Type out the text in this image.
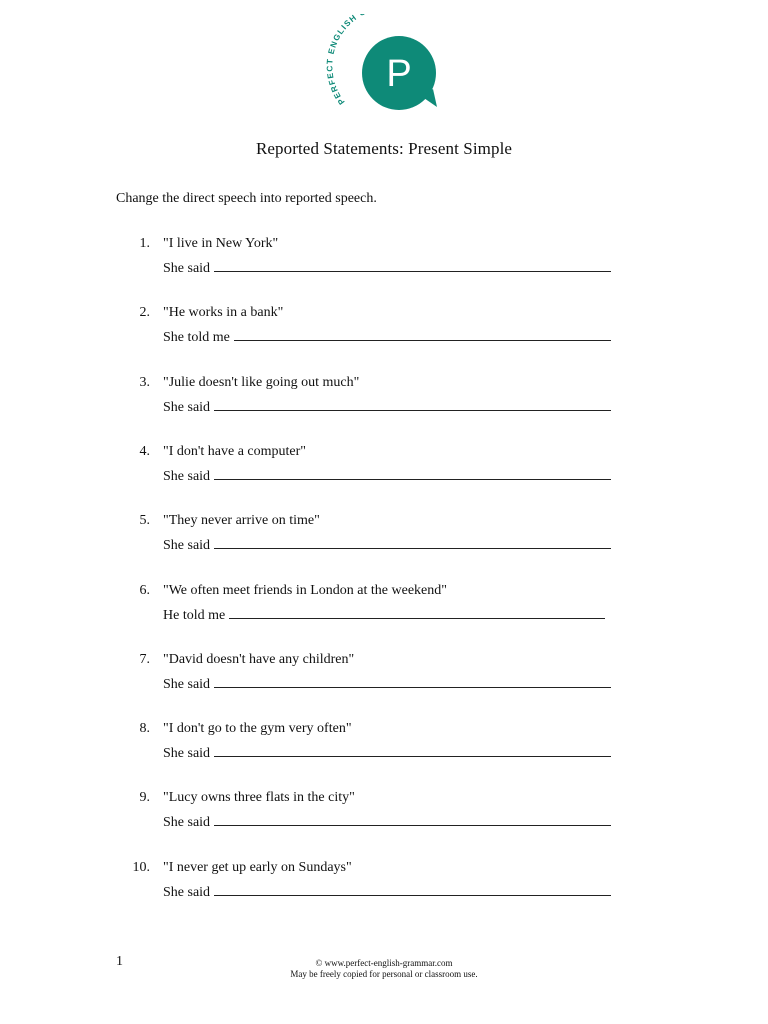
PERFECT ENGLISH
P
Reported Statements: Present Simple
Change the direct speech into reported speech.
1. "I live in New York"
She said
2. "He works in a bank"
She told me
3. "Julie doesn't like going out much"
She said
4. "I don't have a computer"
She said
5. "They never arrive on time"
She said
6. "We often meet friends in London at the weekend"
He told me
7. "David doesn't have any children"
She said
8. "I don't go to the gym very often"
She said
9. "Lucy owns three flats in the city"
She said
10. "I never get up early on Sundays"
She said
1	© www.perfect-english-grammar.com
May be freely copied for personal or classroom use.
